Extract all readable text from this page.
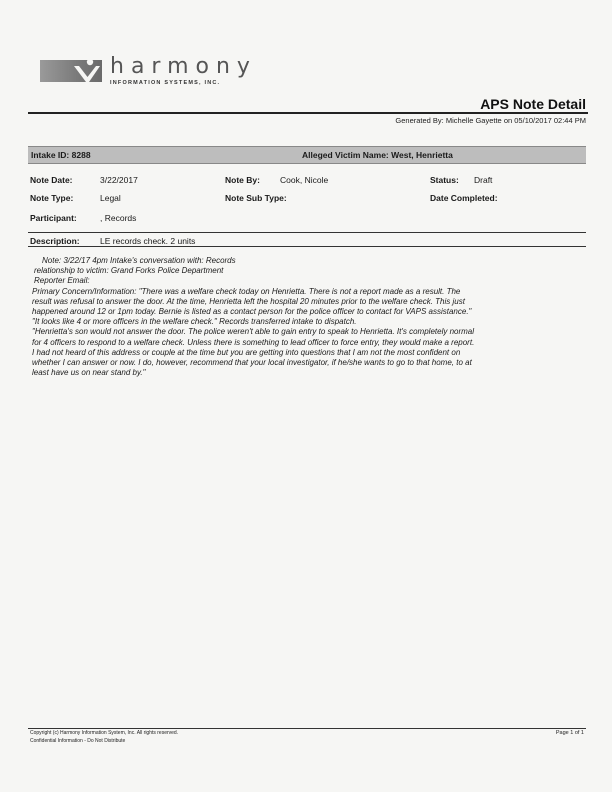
harmony
INFORMATION SYSTEMS, INC.
APS Note Detail
Generated By: Michelle Gayette on 05/10/2017 02:44 PM
Intake ID: 8288	Alleged Victim Name: West, Henrietta
Note Date:	3/22/2017	Note By: Cook, Nicole	Status: Draft
Note Type:	Legal	Note Sub Type:	Date Completed:
Participant:	, Records
Description: LE records check. 2 units
Note: 3/22/17 4pm Intake's conversation with: Records
relationship to victim: Grand Forks Police Department
Reporter Email:
Primary Concern/Information: "There was a welfare check today on Henrietta. There is not a report made as a result. The
result was refusal to answer the door. At the time, Henrietta left the hospital 20 minutes prior to the welfare check. This just
happened around 12 or 1pm today. Bernie is listed as a contact person for the police officer to contact for VAPS assistance."
"It looks like 4 or more officers in the welfare check." Records transferred intake to dispatch.
"Henrietta's son would not answer the door. The police weren't able to gain entry to speak to Henrietta. It's completely normal
for 4 officers to respond to a welfare check. Unless there is something to lead officer to force entry, they would make a report.
I had not heard of this address or couple at the time but you are getting into questions that I am not the most confident on
whether I can answer or now. I do, however, recommend that your local investigator, if he/she wants to go to that home, to at
least have us on near stand by."
Copyright (c) Harmony Information System, Inc. All rights reserved.
Confidential Information - Do Not Distribute
Page 1 of 1
